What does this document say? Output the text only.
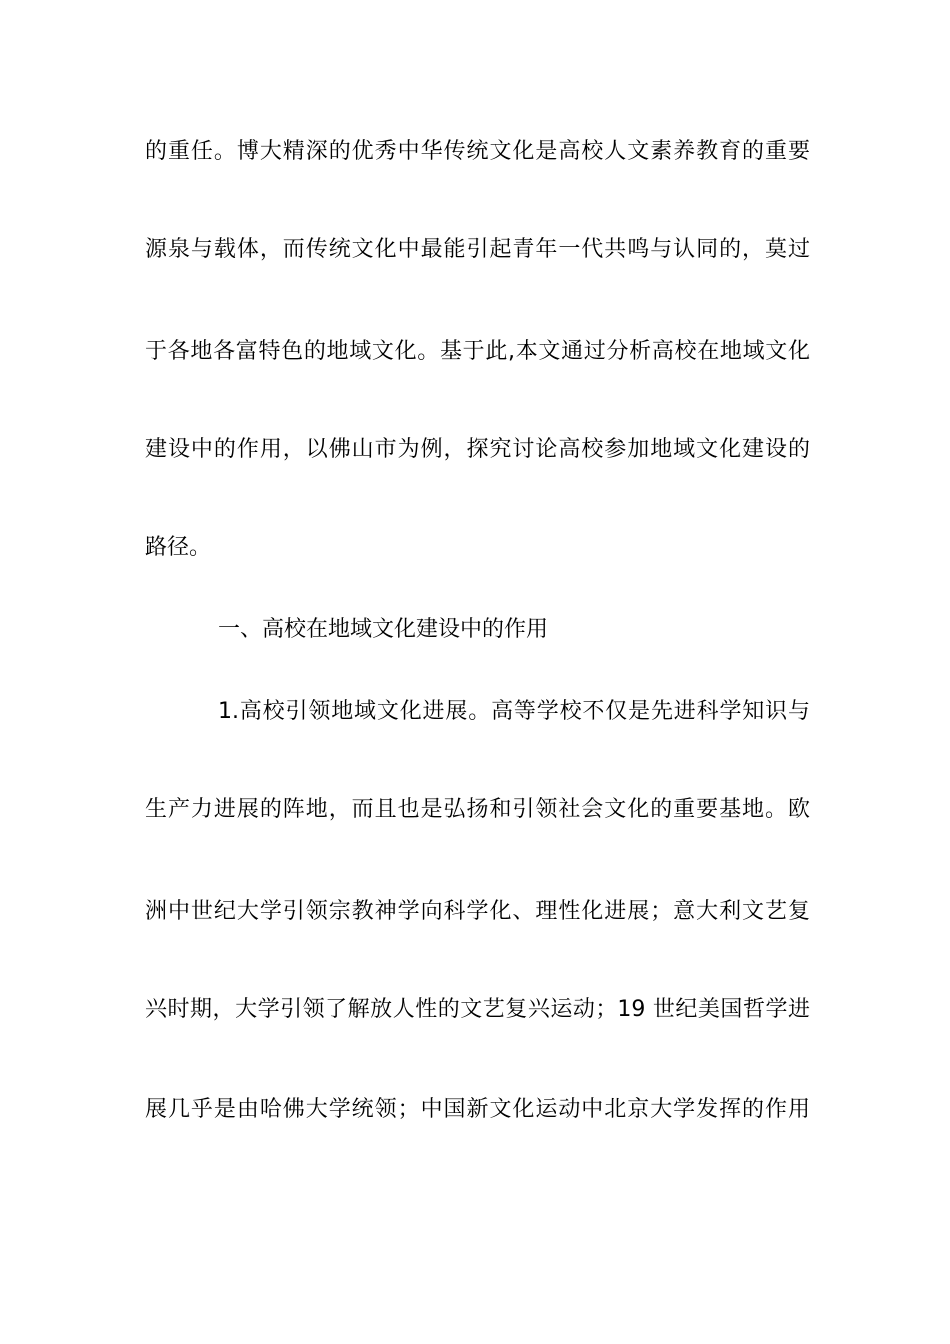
的重任。博大精深的优秀中华传统文化是高校人文素养教育的重要
源泉与载体，而传统文化中最能引起青年一代共鸣与认同的，莫过
于各地各富特色的地域文化。基于此,本文通过分析高校在地域文化
建设中的作用，以佛山市为例，探究讨论高校参加地域文化建设的
路径。
一、高校在地域文化建设中的作用
1.高校引领地域文化进展。高等学校不仅是先进科学知识与
生产力进展的阵地，而且也是弘扬和引领社会文化的重要基地。欧
洲中世纪大学引领宗教神学向科学化、理性化进展；意大利文艺复
兴时期，大学引领了解放人性的文艺复兴运动；19 世纪美国哲学进
展几乎是由哈佛大学统领；中国新文化运动中北京大学发挥的作用
